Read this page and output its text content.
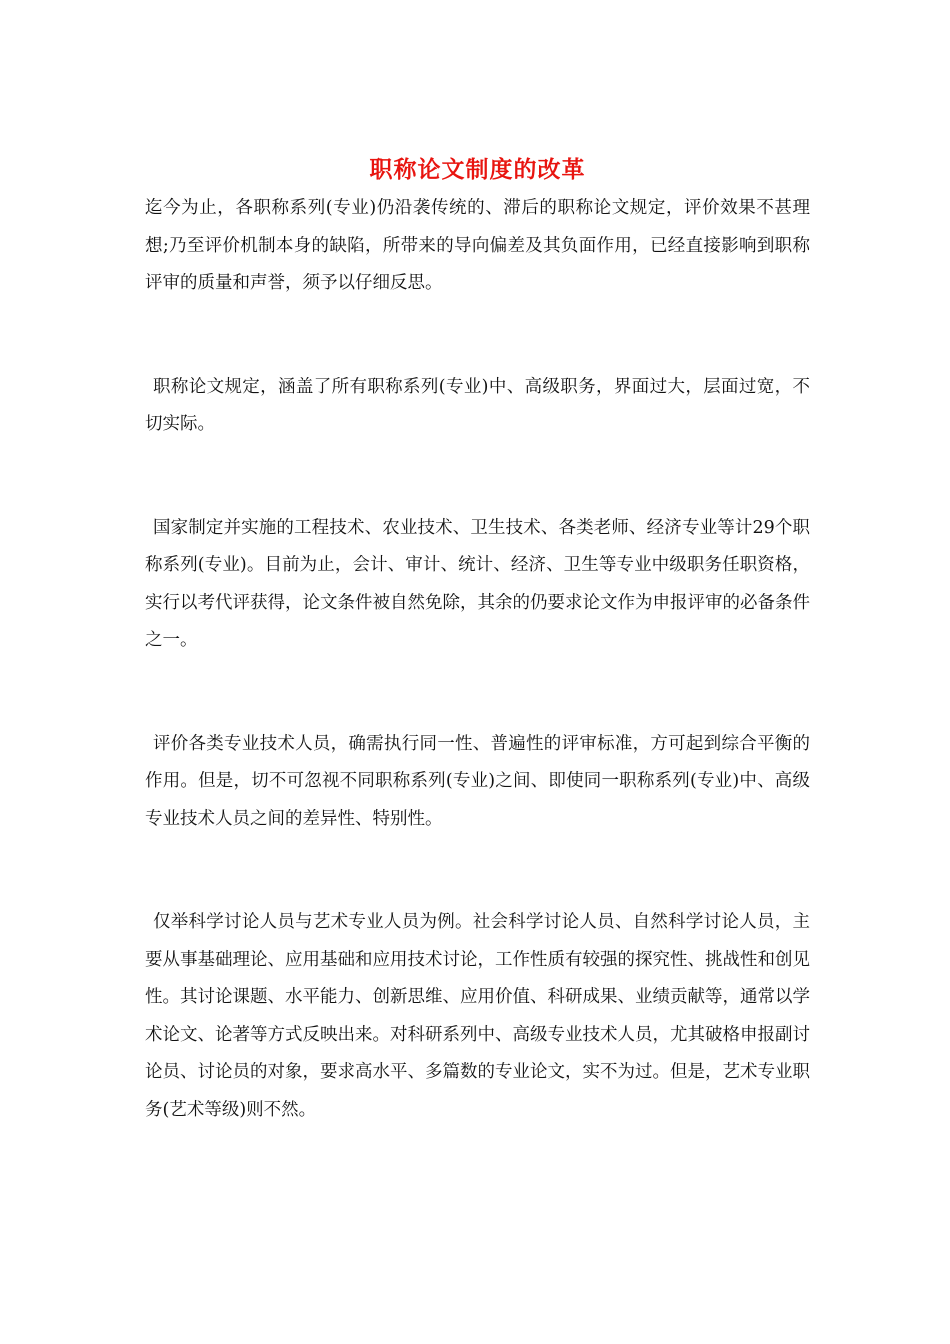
职称论文制度的改革

迄今为止，各职称系列(专业)仍沿袭传统的、滞后的职称论文规定，评价效果不甚理想;乃至评价机制本身的缺陷，所带来的导向偏差及其负面作用，已经直接影响到职称评审的质量和声誉，须予以仔细反思。

职称论文规定，涵盖了所有职称系列(专业)中、高级职务，界面过大，层面过宽，不切实际。

国家制定并实施的工程技术、农业技术、卫生技术、各类老师、经济专业等计29个职称系列(专业)。目前为止，会计、审计、统计、经济、卫生等专业中级职务任职资格，实行以考代评获得，论文条件被自然免除，其余的仍要求论文作为申报评审的必备条件之一。

评价各类专业技术人员，确需执行同一性、普遍性的评审标准，方可起到综合平衡的作用。但是，切不可忽视不同职称系列(专业)之间、即使同一职称系列(专业)中、高级专业技术人员之间的差异性、特别性。

仅举科学讨论人员与艺术专业人员为例。社会科学讨论人员、自然科学讨论人员，主要从事基础理论、应用基础和应用技术讨论，工作性质有较强的探究性、挑战性和创见性。其讨论课题、水平能力、创新思维、应用价值、科研成果、业绩贡献等，通常以学术论文、论著等方式反映出来。对科研系列中、高级专业技术人员，尤其破格申报副讨论员、讨论员的对象，要求高水平、多篇数的专业论文，实不为过。但是，艺术专业职务(艺术等级)则不然。
